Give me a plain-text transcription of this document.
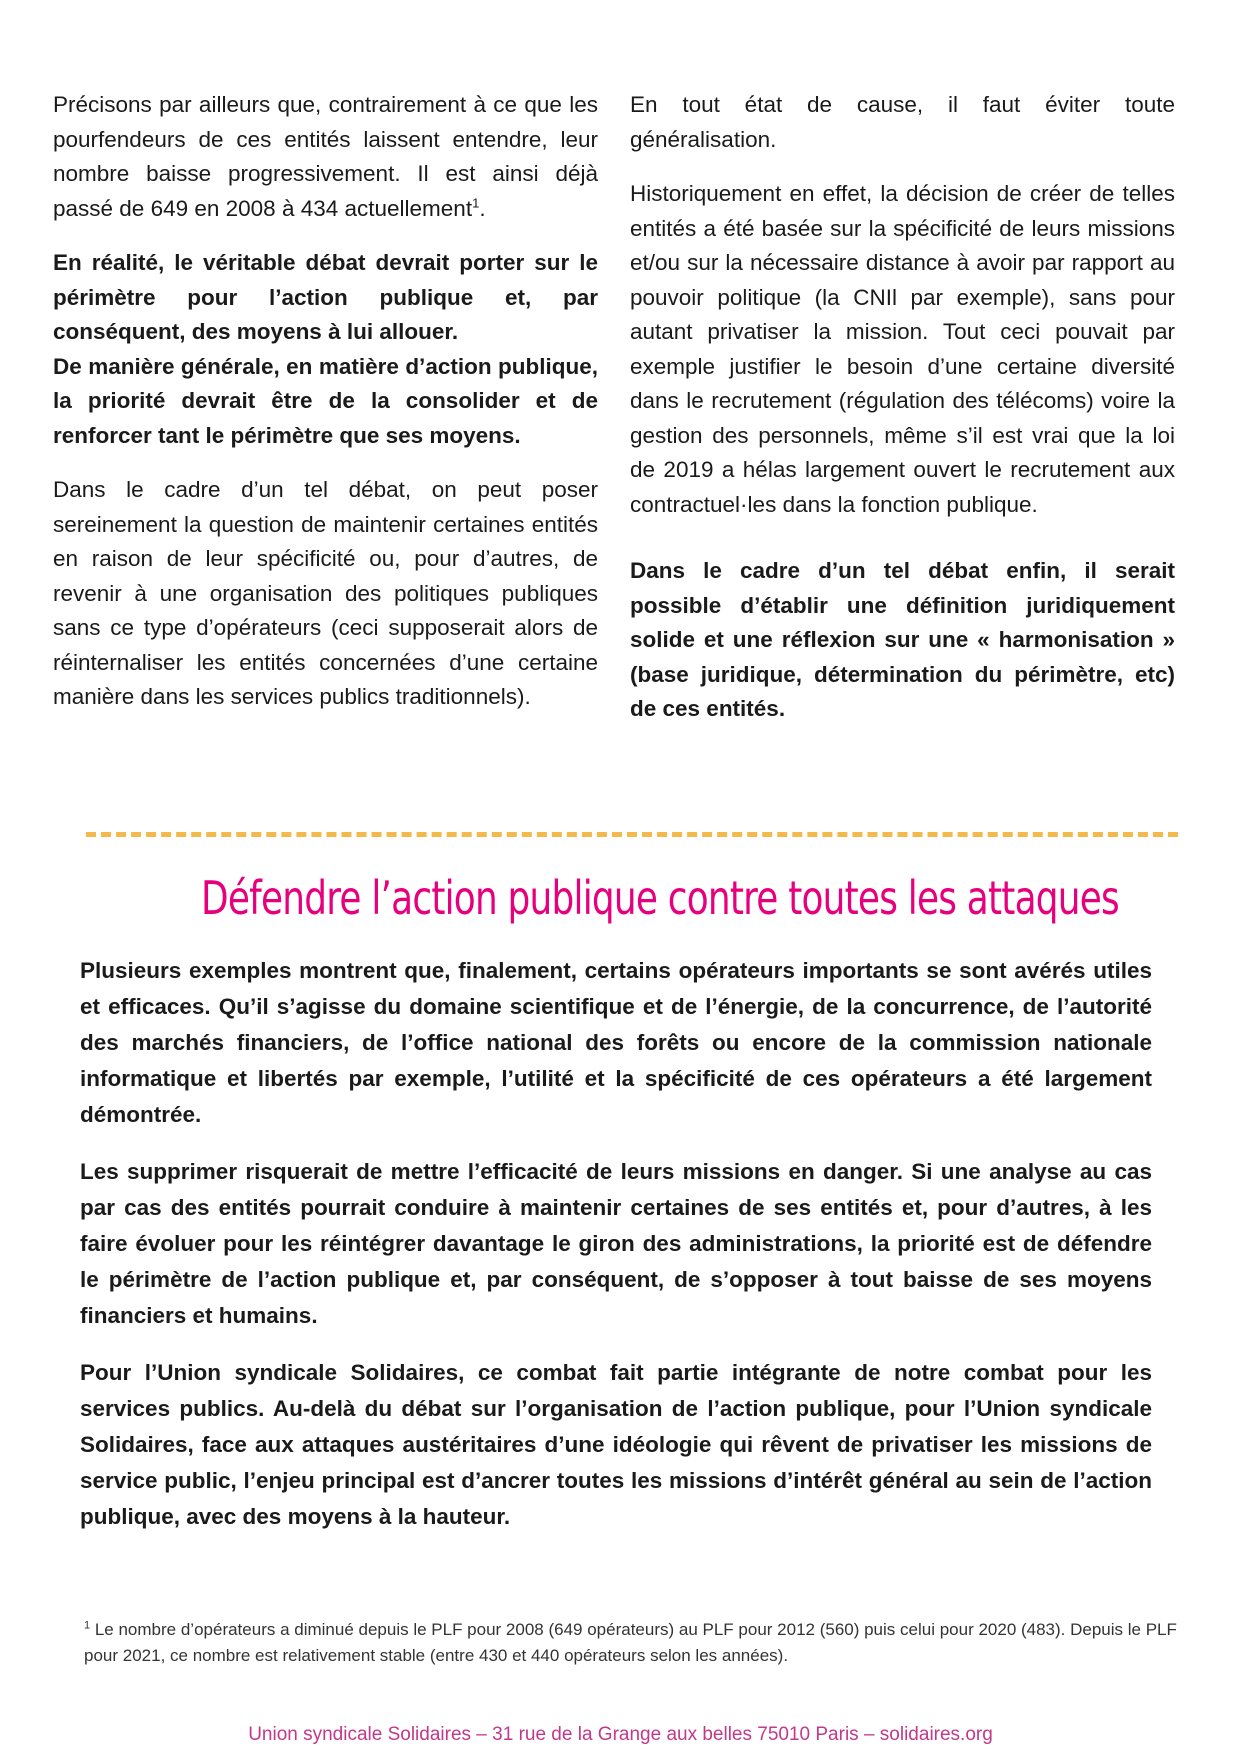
Précisons par ailleurs que, contrairement à ce que les pourfendeurs de ces entités laissent entendre, leur nombre baisse progressivement. Il est ainsi déjà passé de 649 en 2008 à 434 actuellement$^1$.

En réalité, le véritable débat devrait porter sur le périmètre pour l’action publique et, par conséquent, des moyens à lui allouer.

De manière générale, en matière d’action publique, la priorité devrait être de la consolider et de renforcer tant le périmètre que ses moyens.

Dans le cadre d’un tel débat, on peut poser sereinement la question de maintenir certaines entités en raison de leur spécificité ou, pour d’autres, de revenir à une organisation des politiques publiques sans ce type d’opérateurs (ceci supposerait alors de réinternaliser les entités concernées d’une certaine manière dans les services publics traditionnels).

En tout état de cause, il faut éviter toute généralisation.

Historiquement en effet, la décision de créer de telles entités a été basée sur la spécificité de leurs missions et/ou sur la nécessaire distance à avoir par rapport au pouvoir politique (la CNIl par exemple), sans pour autant privatiser la mission. Tout ceci pouvait par exemple justifier le besoin d’une certaine diversité dans le recrutement (régulation des télécoms) voire la gestion des personnels, même s’il est vrai que la loi de 2019 a hélas largement ouvert le recrutement aux contractuel·les dans la fonction publique.

Dans le cadre d’un tel débat enfin, il serait possible d’établir une définition juridiquement solide et une réflexion sur une « harmonisation » (base juridique, détermination du périmètre, etc) de ces entités.

Défendre l’action publique contre toutes les attaques

Plusieurs exemples montrent que, finalement, certains opérateurs importants se sont avérés utiles et efficaces. Qu’il s’agisse du domaine scientifique et de l’énergie, de la concurrence, de l’autorité des marchés financiers, de l’office national des forêts ou encore de la commission nationale informatique et libertés par exemple, l’utilité et la spécificité de ces opérateurs a été largement démontrée.

Les supprimer risquerait de mettre l’efficacité de leurs missions en danger. Si une analyse au cas par cas des entités pourrait conduire à maintenir certaines de ses entités et, pour d’autres, à les faire évoluer pour les réintégrer davantage le giron des administrations, la priorité est de défendre le périmètre de l’action publique et, par conséquent, de s’opposer à tout baisse de ses moyens financiers et humains.

Pour l’Union syndicale Solidaires, ce combat fait partie intégrante de notre combat pour les services publics. Au-delà du débat sur l’organisation de l’action publique, pour l’Union syndicale Solidaires, face aux attaques austéritaires d’une idéologie qui rêvent de privatiser les missions de service public, l’enjeu principal est d’ancrer toutes les missions d’intérêt général au sein de l’action publique, avec des moyens à la hauteur.

$^1$ Le nombre d’opérateurs a diminué depuis le PLF pour 2008 (649 opérateurs) au PLF pour 2012 (560) puis celui pour 2020 (483). Depuis le PLF pour 2021, ce nombre est relativement stable (entre 430 et 440 opérateurs selon les années).
Union syndicale Solidaires – 31 rue de la Grange aux belles 75010 Paris – solidaires.org
